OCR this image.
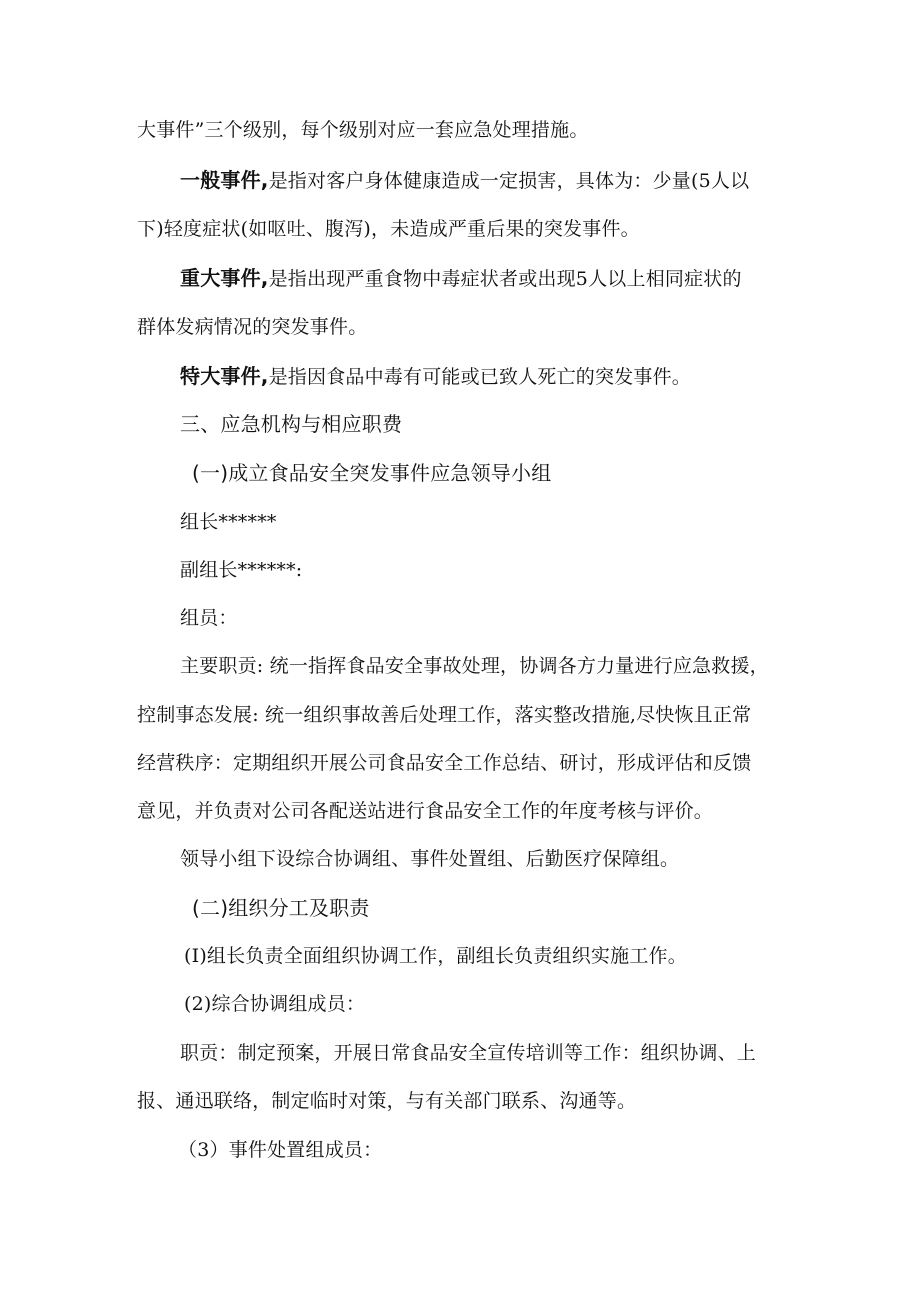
大事件”三个级别，每个级别对应一套应急处理措施。
一般事件,是指对客户身体健康造成一定损害，具体为：少量(5人以
下)轻度症状(如呕吐、腹泻)，未造成严重后果的突发事件。
重大事件,是指出现严重食物中毒症状者或出现5人以上相同症状的
群体发病情况的突发事件。
特大事件,是指因食品中毒有可能或已致人死亡的突发事件。
三、应急机构与相应职费
(一)成立食品安全突发事件应急领导小组
组长******
副组长******:
组员：
主要职贡: 统一指挥食品安全事故处理，协调各方力量进行应急救援，
控制事态发展: 统一组织事故善后处理工作，落实整改措施,尽快恢且正常
经营秩序：定期组织开展公司食品安全工作总结、研讨，形成评估和反馈
意见，并负责对公司各配送站进行食品安全工作的年度考核与评价。
领导小组下设综合协调组、事件处置组、后勤医疗保障组。
(二)组织分工及职责
(I)组长负责全面组织协调工作，副组长负责组织实施工作。
(2)综合协调组成员：
职贡：制定预案，开展日常食品安全宣传培训等工作：组织协调、上
报、通迅联络，制定临时对策，与有关部门联系、沟通等。
（3）事件处置组成员：
